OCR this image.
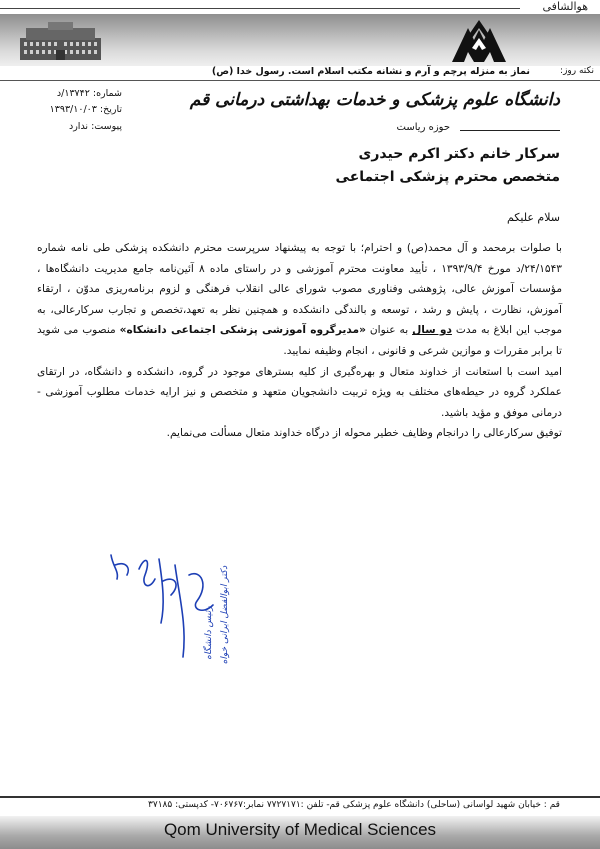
هوالشافی
نکته روز:
نماز به منزله پرچم و آرم و نشانه مکتب اسلام است. رسول خدا (ص)
شماره: ۱۳۷۴۲/د
تاریخ: ۱۳۹۳/۱۰/۰۳
پیوست: ندارد
دانشگاه علوم پزشکی و خدمات بهداشتی درمانی قم
حوزه ریاست
سرکار خانم دکتر اکرم حیدری
متخصص محترم پزشکی اجتماعی
سلام علیکم

با صلوات برمحمد و آل محمد(ص) و احترام؛ با توجه به پیشنهاد سرپرست محترم دانشکده پزشکی طی نامه شماره ۲۴/۱۵۴۳/د مورخ ۱۳۹۳/۹/۴ ، تأیید معاونت محترم آموزشی و در راستای ماده ۸ آئین‌نامه جامع مدیریت دانشگاه‌ها ، مؤسسات آموزش عالی، پژوهشی وفناوری مصوب شورای عالی انقلاب فرهنگی و لزوم برنامه‌ریزی مدوّن ، ارتقاء آموزش، نظارت ، پایش و رشد ، توسعه و بالندگی دانشکده و همچنین نظر به تعهد،تخصص و تجارب سرکارعالی، به موجب این ابلاغ به مدت دو سال به عنوان «مدیرگروه آموزشی پزشکی اجتماعی دانشکاه» منصوب می شوید تا برابر مقررات و موازین شرعی و قانونی ، انجام وظیفه نمایید.

امید است با استعانت از خداوند متعال و بهره‌گیری از کلیه بسترهای موجود در گروه، دانشکده و دانشگاه، در ارتقای عملکرد گروه در حیطه‌های مختلف به ویژه تربیت دانشجویان متعهد و متخصص و نیز ارایه خدمات مطلوب آموزشی - درمانی موفق و مؤید باشید.

توفیق سرکارعالی را درانجام وظایف خطیر محوله از درگاه خداوند متعال مسألت می‌نمایم.

دکتر ابوالفضل ایرانی خواه
رئیس دانشگاه
قم : خیابان شهید لواسانی (ساحلی) دانشگاه علوم پزشکی قم- تلفن :۷۷۲۷۱۷۱ نمابر:۷۰۶۷۶۷- کدپستی: ۳۷۱۸۵
Qom University of Medical Sciences
